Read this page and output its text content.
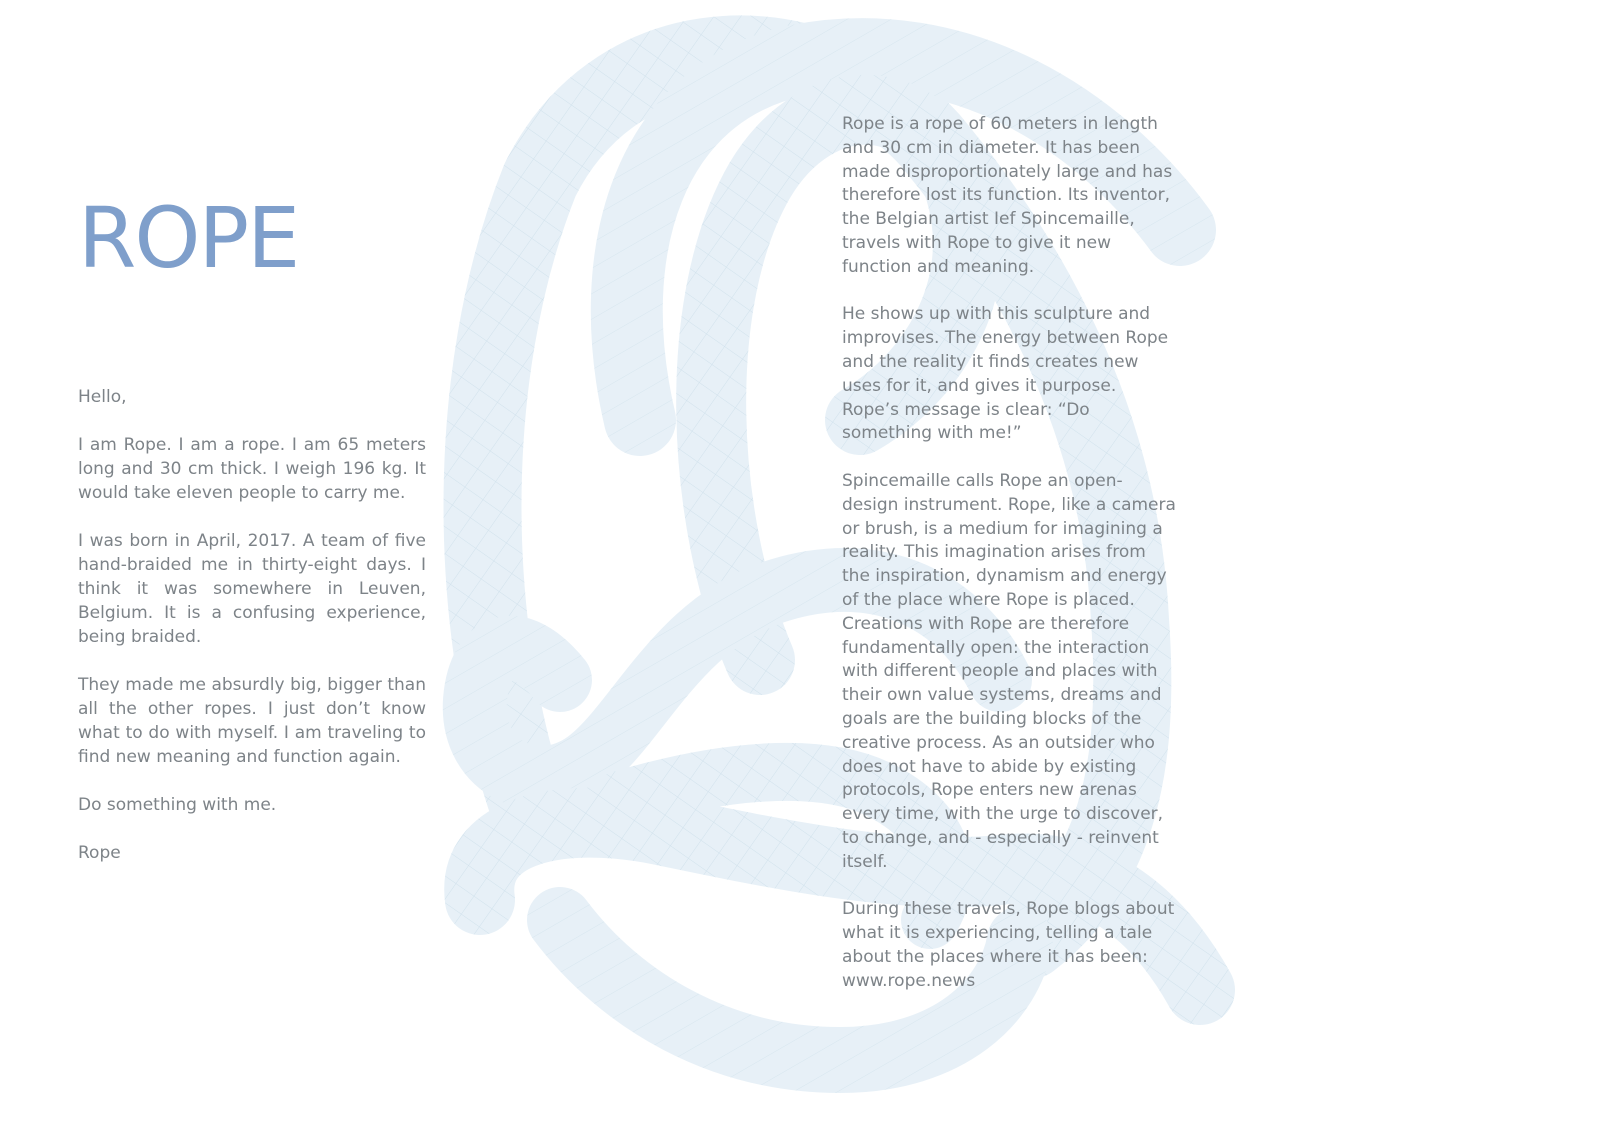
ROPE

Hello,

I am Rope. I am a rope. I am 65 meters long and 30 cm thick. I weigh 196 kg. It would take eleven people to carry me.

I was born in April, 2017. A team of five hand-braided me in thirty-eight days. I think it was somewhere in Leuven, Belgium. It is a confusing experience, being braided.

They made me absurdly big, bigger than all the other ropes. I just don’t know what to do with myself. I am traveling to find new meaning and function again.

Do something with me.

Rope

Rope is a rope of 60 meters in length and 30 cm in diameter. It has been made disproportionately large and has therefore lost its function. Its inventor, the Belgian artist Ief Spincemaille, travels with Rope to give it new function and meaning.

He shows up with this sculpture and improvises. The energy between Rope and the reality it finds creates new uses for it, and gives it purpose. Rope’s message is clear: “Do something with me!”

Spincemaille calls Rope an open-design instrument. Rope, like a camera or brush, is a medium for imagining a reality. This imagination arises from the inspiration, dynamism and energy of the place where Rope is placed. Creations with Rope are therefore fundamentally open: the interaction with different people and places with their own value systems, dreams and goals are the building blocks of the creative process. As an outsider who does not have to abide by existing protocols, Rope enters new arenas every time, with the urge to discover, to change, and - especially - reinvent itself.

During these travels, Rope blogs about what it is experiencing, telling a tale about the places where it has been: www.rope.news
